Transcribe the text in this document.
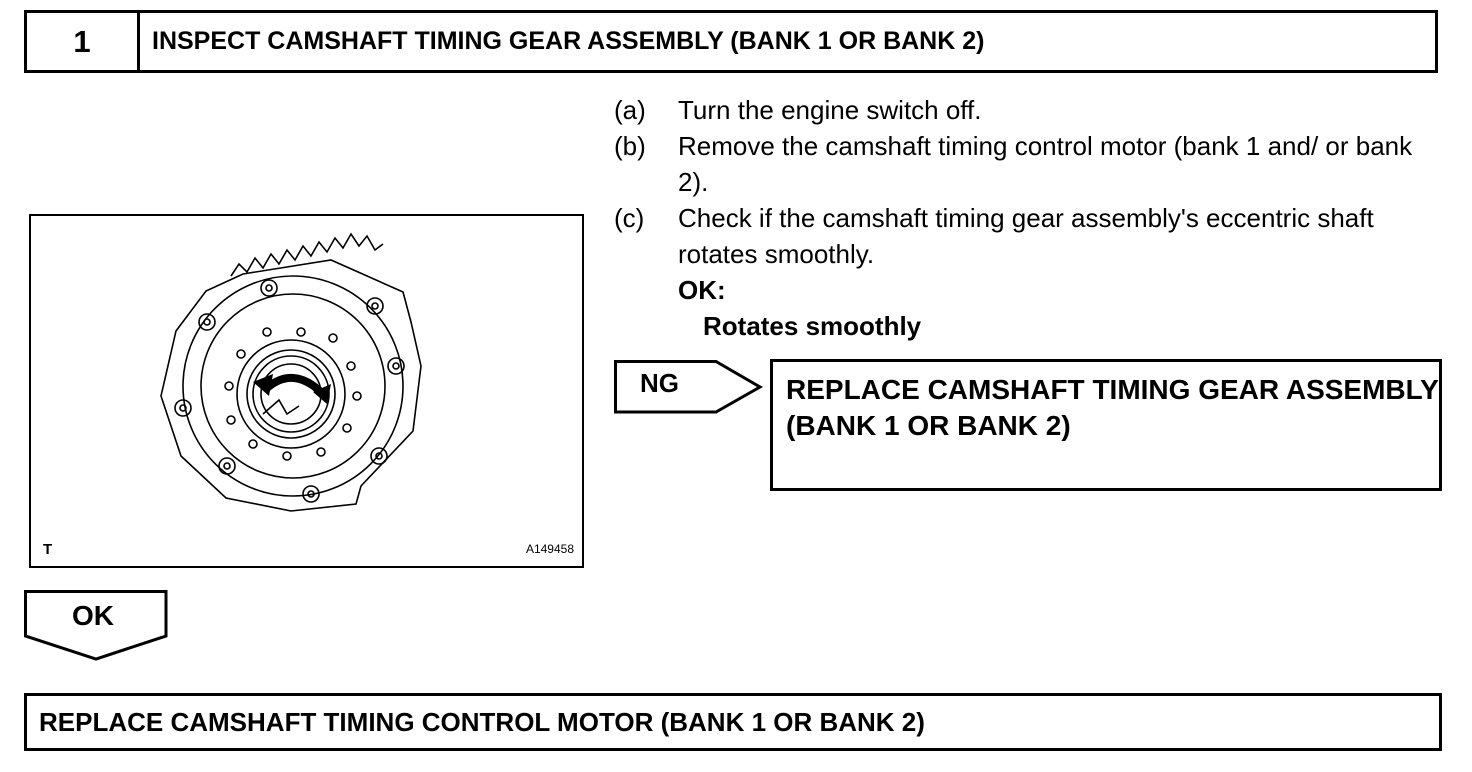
1	INSPECT CAMSHAFT TIMING GEAR ASSEMBLY (BANK 1 OR BANK 2)
T	A149458
(a)	Turn the engine switch off.
(b)	Remove the camshaft timing control motor (bank 1 and/ or bank 2).
(c)	Check if the camshaft timing gear assembly's eccentric shaft rotates smoothly.
OK:
Rotates smoothly
NG	REPLACE CAMSHAFT TIMING GEAR ASSEMBLY (BANK 1 OR BANK 2)
OK
REPLACE CAMSHAFT TIMING CONTROL MOTOR (BANK 1 OR BANK 2)
